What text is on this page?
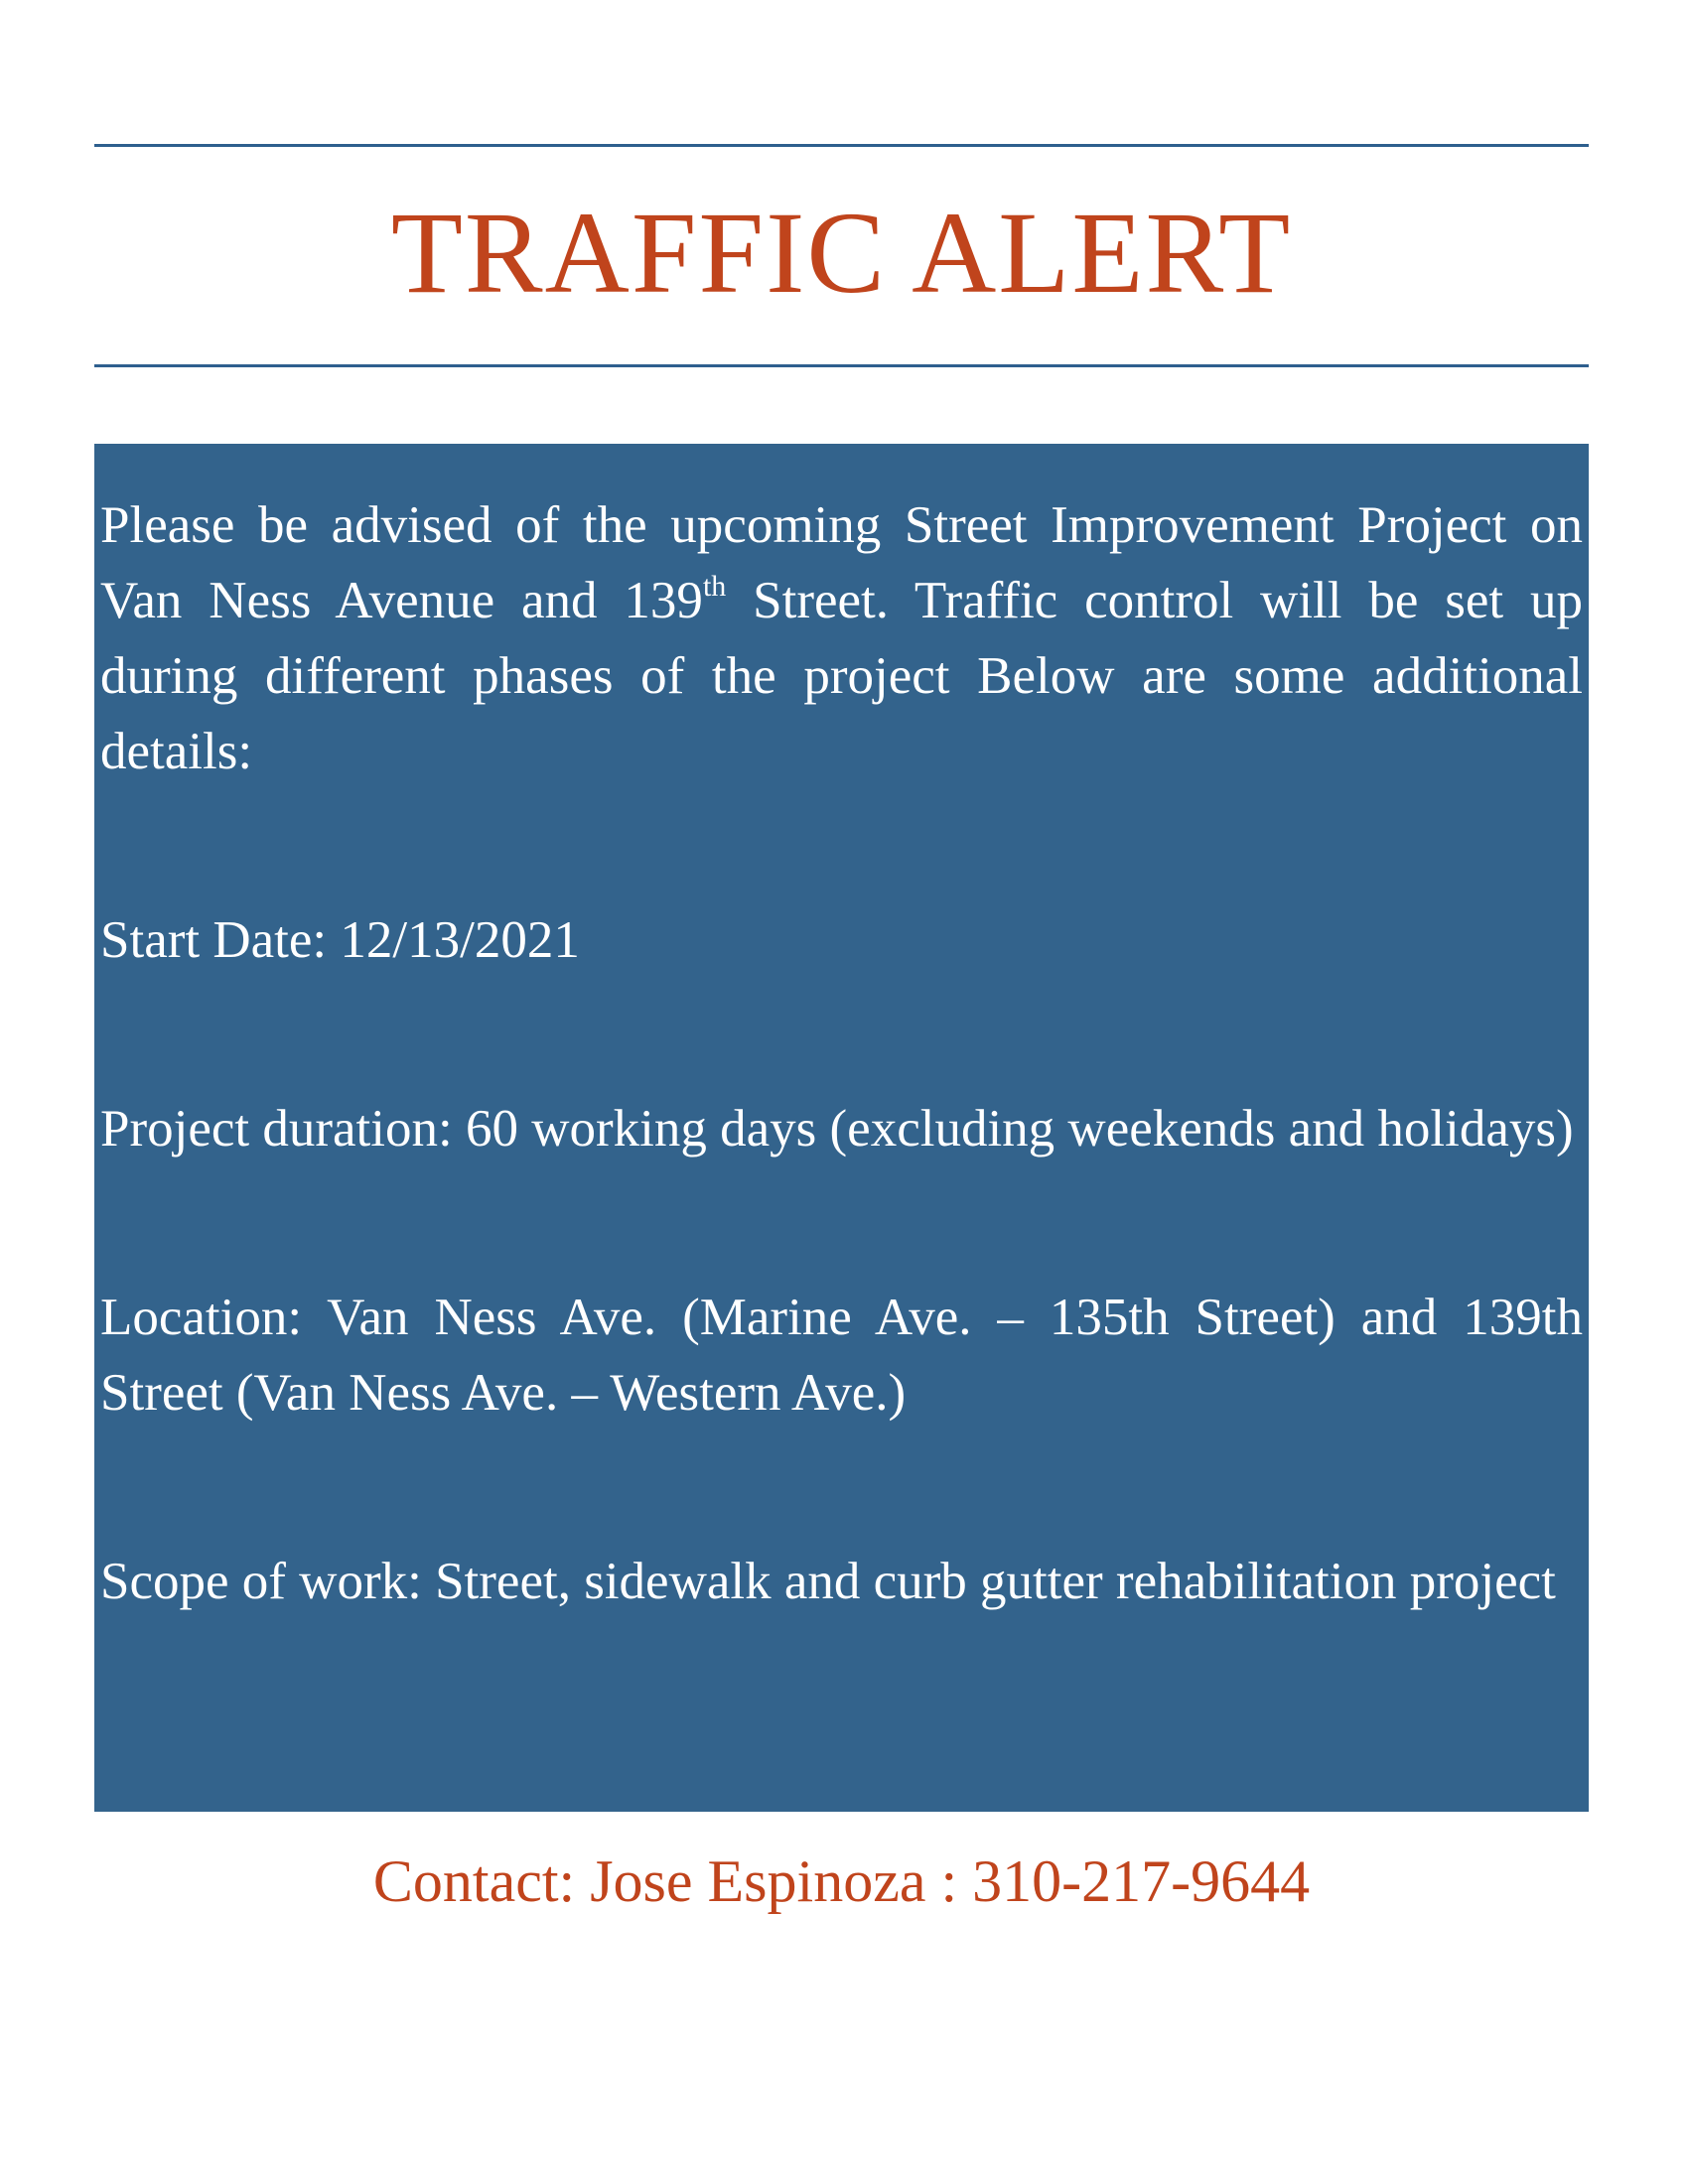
TRAFFIC ALERT

Please be advised of the upcoming Street Improvement Project on Van Ness Avenue and 139th Street. Traffic control will be set up during different phases of the project Below are some additional details:

Start Date: 12/13/2021

Project duration: 60 working days (excluding weekends and holidays)

Location: Van Ness Ave. (Marine Ave. – 135th Street) and 139th Street (Van Ness Ave. – Western Ave.)

Scope of work: Street, sidewalk and curb gutter rehabilitation project

Contact: Jose Espinoza : 310-217-9644
